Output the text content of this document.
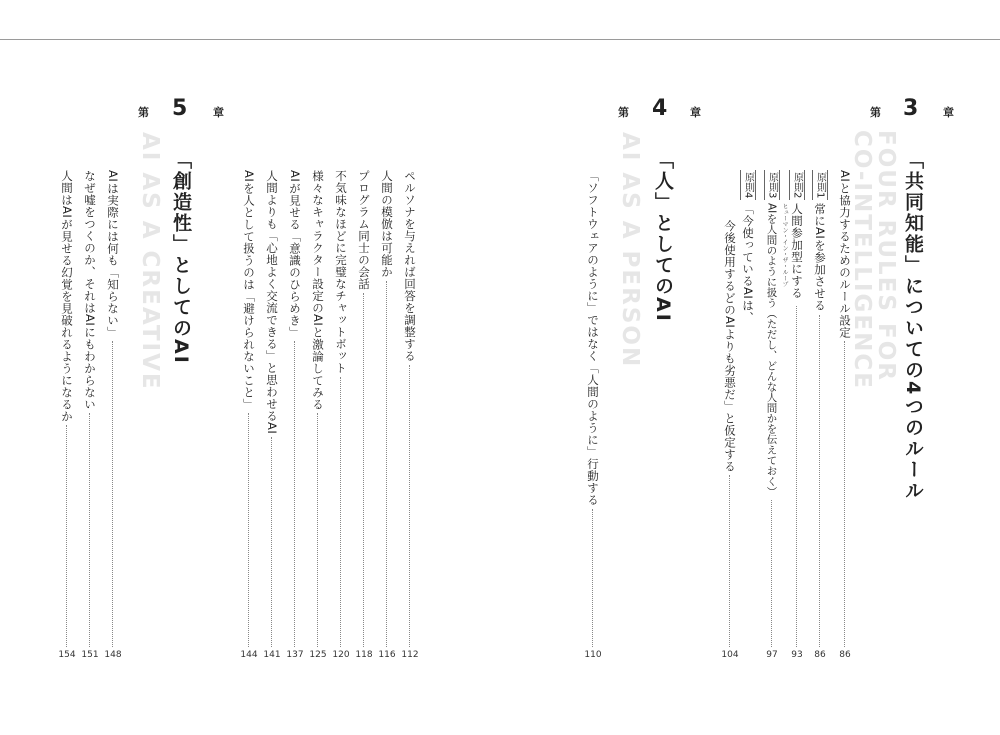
第 3 章
FOUR RULES FOR
CO-INTELLIGENCE	「共同知能」についての4つのルール
AIと協力するためのルール設定
86
原則1
常にAIを参加させる
86
原則2
ヒューマン・イン・ザ・ループ 人間参加型にする
93
原則3
AIを人間のように扱う（ただし、どんな人間かを伝えておく）
97
原則4
「今使っているAIは、
今後使用するどのAIよりも劣悪だ」と仮定する
104
第 4 章
AI AS A PERSON 「人」としてのAI
「ソフトウェアのように」ではなく「人間のように」行動する
110
第 5 章
AI AS A CREATIVE 「創造性」としてのAI	ペルソナを与えれば回答を調整する
112
人間の模倣は可能か
116
プログラム同士の会話
118
不気味なほどに完璧なチャットボット
120
様々なキャラクター設定のAIと激論してみる
125
AIが見せる「意識のひらめき」
137
人間よりも「心地よく交流できる」と思わせるAI
141
AIを人として扱うのは「避けられないこと」
144
AIは実際には何も「知らない」
148
なぜ嘘をつくのか、それはAIにもわからない
151
人間はAIが見せる幻覚を見破れるようになるか
154
